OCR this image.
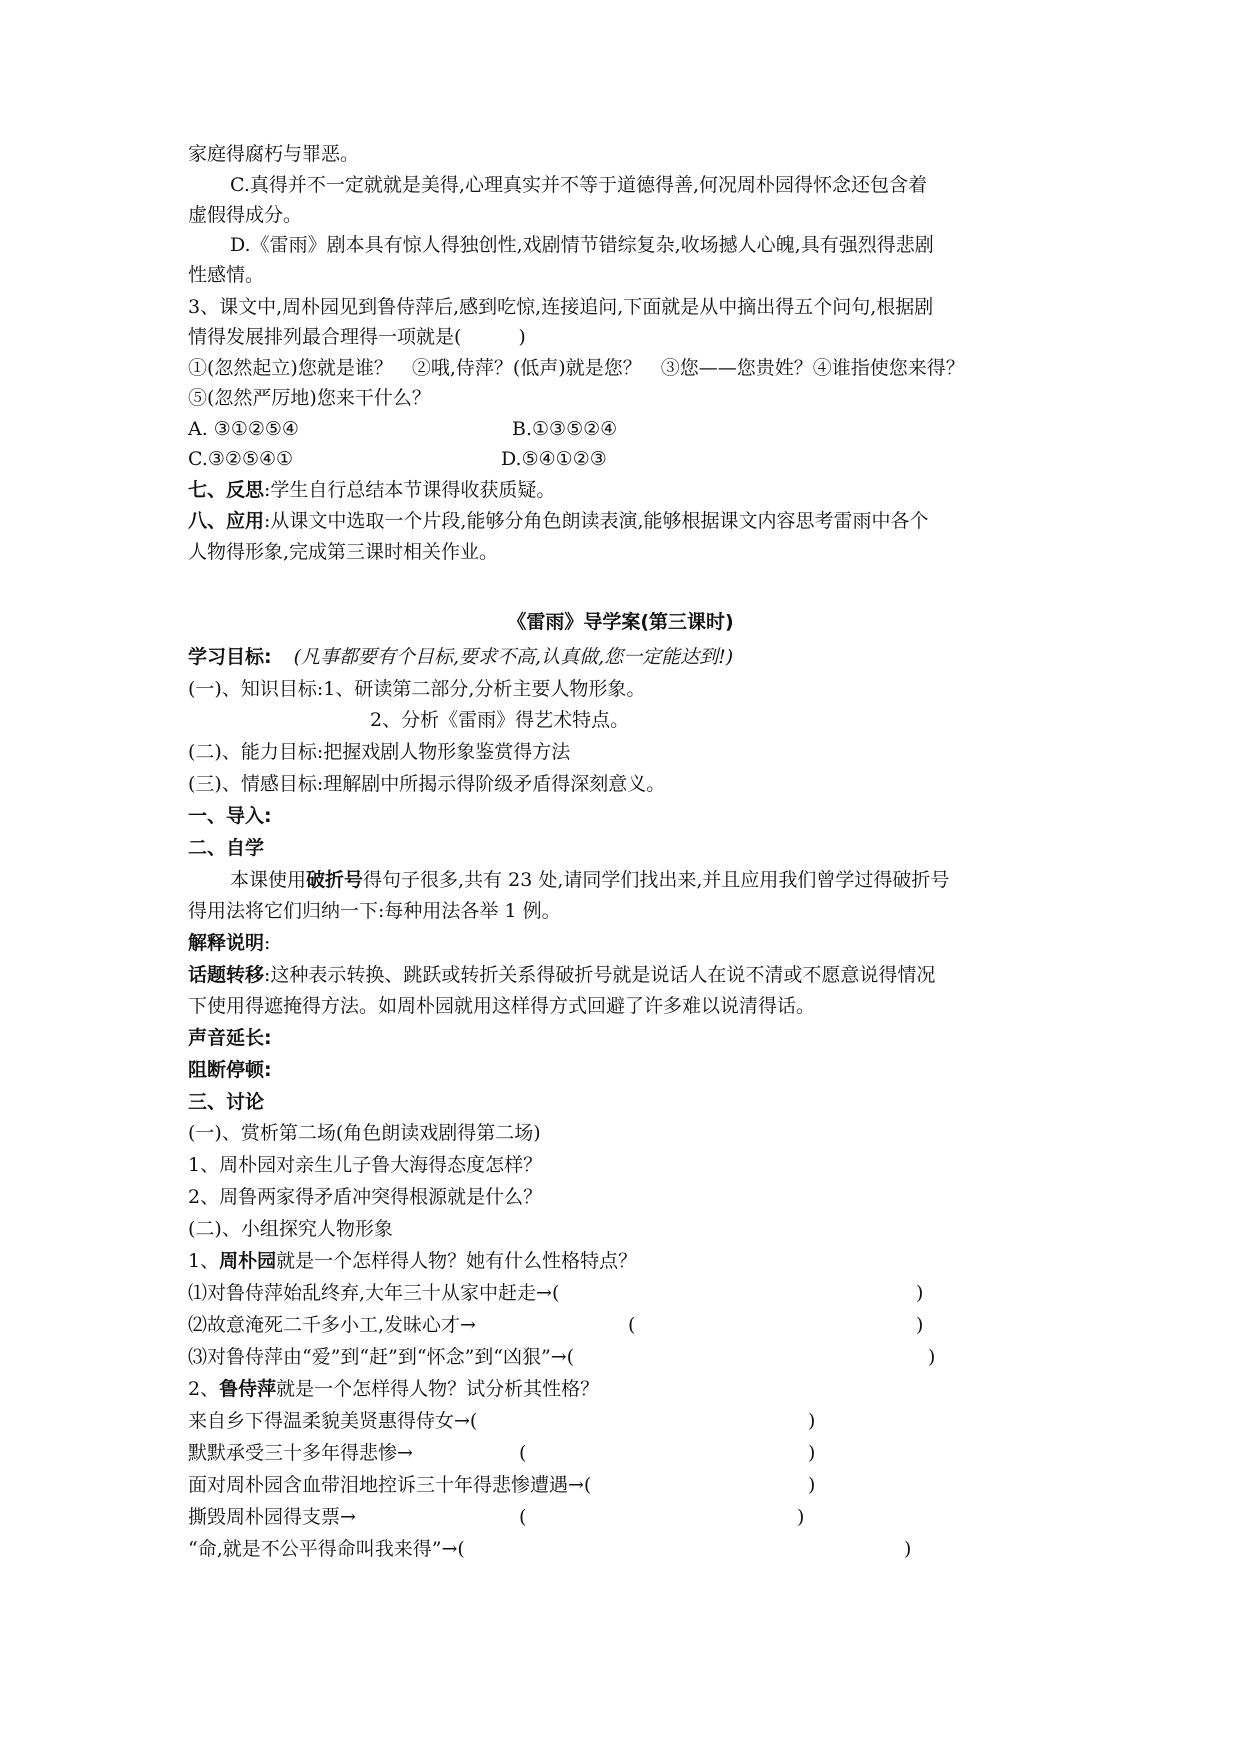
家庭得腐朽与罪恶。
C.真得并不一定就就是美得,心理真实并不等于道德得善,何况周朴园得怀念还包含着
虚假得成分。
D.《雷雨》剧本具有惊人得独创性,戏剧情节错综复杂,收场撼人心魄,具有强烈得悲剧
性感情。
3、课文中,周朴园见到鲁侍萍后,感到吃惊,连接追问,下面就是从中摘出得五个问句,根据剧
情得发展排列最合理得一项就是(　　　)
①(忽然起立)您就是谁？　②哦,侍萍？(低声)就是您？　③您——您贵姓？④谁指使您来得？
⑤(忽然严厉地)您来干什么？
A. ③①②⑤④	B.①③⑤②④
C.③②⑤④①	D.⑤④①②③
七、反思:学生自行总结本节课得收获质疑。
八、应用:从课文中选取一个片段,能够分角色朗读表演,能够根据课文内容思考雷雨中各个
人物得形象,完成第三课时相关作业。
《雷雨》导学案(第三课时)
学习目标: (凡事都要有个目标,要求不高,认真做,您一定能达到!)
(一)、知识目标:1、研读第二部分,分析主要人物形象。
2、分析《雷雨》得艺术特点。
(二)、能力目标:把握戏剧人物形象鉴赏得方法
(三)、情感目标:理解剧中所揭示得阶级矛盾得深刻意义。
一、导入:
二、自学
本课使用破折号得句子很多,共有 23 处,请同学们找出来,并且应用我们曾学过得破折号
得用法将它们归纳一下:每种用法各举 1 例。
解释说明:
话题转移:这种表示转换、跳跃或转折关系得破折号就是说话人在说不清或不愿意说得情况
下使用得遮掩得方法。如周朴园就用这样得方式回避了许多难以说清得话。
声音延长:
阻断停顿:
三、讨论
(一)、赏析第二场(角色朗读戏剧得第二场)
1、周朴园对亲生儿子鲁大海得态度怎样？
2、周鲁两家得矛盾冲突得根源就是什么？
(二)、小组探究人物形象
1、周朴园就是一个怎样得人物？她有什么性格特点？
⑴对鲁侍萍始乱终弃,大年三十从家中赶走→(	)
⑵故意淹死二千多小工,发昧心才→	(	)
⑶对鲁侍萍由“爱”到“赶”到“怀念”到“凶狠”→(	)
2、鲁侍萍就是一个怎样得人物？试分析其性格？
来自乡下得温柔貌美贤惠得侍女→(	)
默默承受三十多年得悲惨→	(	)
面对周朴园含血带泪地控诉三十年得悲惨遭遇→(	)
撕毁周朴园得支票→	(	)
“命,就是不公平得命叫我来得”→(	)
